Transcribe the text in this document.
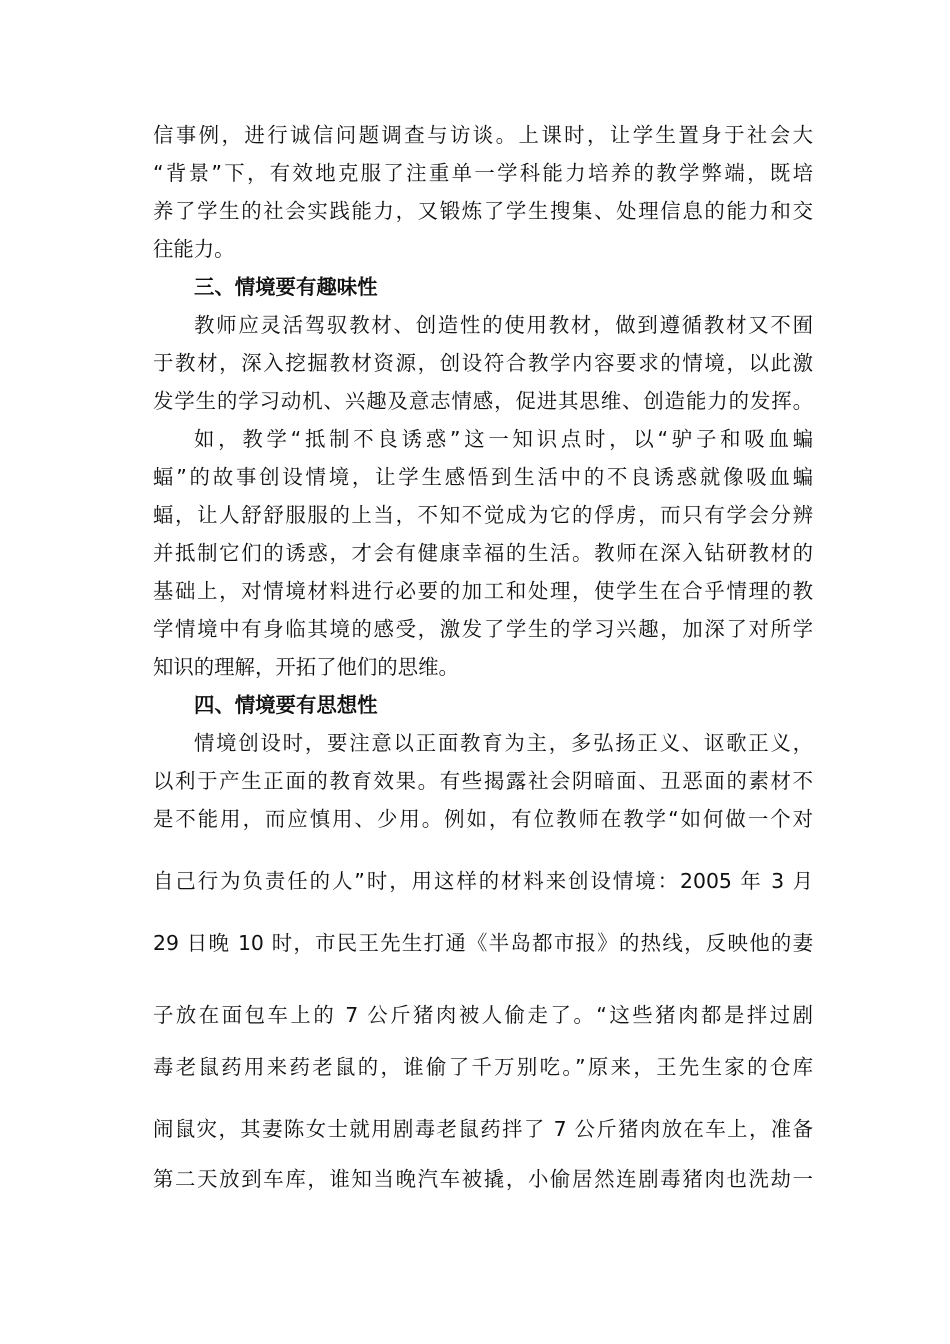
信事例，进行诚信问题调查与访谈。上课时，让学生置身于社会大
“背景”下，有效地克服了注重单一学科能力培养的教学弊端，既培
养了学生的社会实践能力，又锻炼了学生搜集、处理信息的能力和交
往能力。
三、情境要有趣味性
教师应灵活驾驭教材、创造性的使用教材，做到遵循教材又不囿
于教材，深入挖掘教材资源，创设符合教学内容要求的情境，以此激
发学生的学习动机、兴趣及意志情感，促进其思维、创造能力的发挥。
如，教学“抵制不良诱惑”这一知识点时，以“驴子和吸血蝙
蝠”的故事创设情境，让学生感悟到生活中的不良诱惑就像吸血蝙
蝠，让人舒舒服服的上当，不知不觉成为它的俘虏，而只有学会分辨
并抵制它们的诱惑，才会有健康幸福的生活。教师在深入钻研教材的
基础上，对情境材料进行必要的加工和处理，使学生在合乎情理的教
学情境中有身临其境的感受，激发了学生的学习兴趣，加深了对所学
知识的理解，开拓了他们的思维。
四、情境要有思想性
情境创设时，要注意以正面教育为主，多弘扬正义、讴歌正义，
以利于产生正面的教育效果。有些揭露社会阴暗面、丑恶面的素材不
是不能用，而应慎用、少用。例如，有位教师在教学“如何做一个对
自己行为负责任的人”时，用这样的材料来创设情境：2005 年 3 月
29 日晚 10 时，市民王先生打通《半岛都市报》的热线，反映他的妻
子放在面包车上的 7 公斤猪肉被人偷走了。“这些猪肉都是拌过剧
毒老鼠药用来药老鼠的，谁偷了千万别吃。”原来，王先生家的仓库
闹鼠灾，其妻陈女士就用剧毒老鼠药拌了 7 公斤猪肉放在车上，准备
第二天放到车库，谁知当晚汽车被撬，小偷居然连剧毒猪肉也洗劫一
